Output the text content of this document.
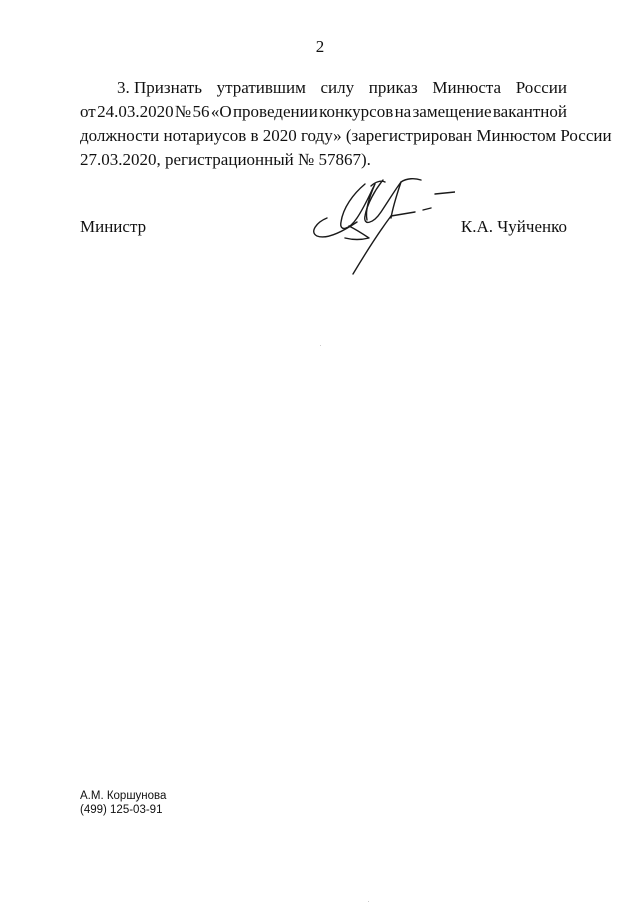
2
3. Признать утратившим силу приказ Минюста России
от 24.03.2020 № 56 «О проведении конкурсов на замещение вакантной
должности нотариусов в 2020 году» (зарегистрирован Минюстом России
27.03.2020, регистрационный № 57867).
Министр	К.А. Чуйченко
А.М. Коршунова
(499) 125-03-91
